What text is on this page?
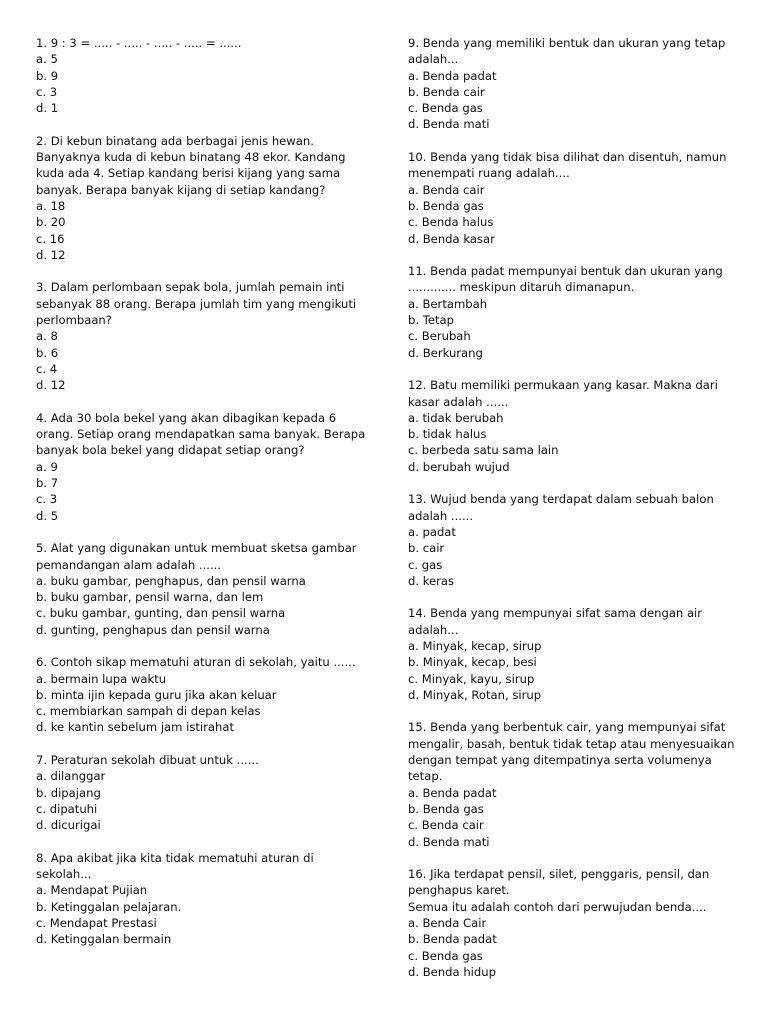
1. 9 : 3 = ..... - ..... - ..... - ..... = ......

a. 5
b. 9
c. 3
d. 1

2. Di kebun binatang ada berbagai jenis hewan. Banyaknya kuda di kebun binatang 48 ekor. Kandang kuda ada 4. Setiap kandang berisi kijang yang sama banyak. Berapa banyak kijang di setiap kandang?

a. 18
b. 20
c. 16
d. 12

3. Dalam perlombaan sepak bola, jumlah pemain inti sebanyak 88 orang. Berapa jumlah tim yang mengikuti perlombaan?

a. 8
b. 6
c. 4
d. 12

4. Ada 30 bola bekel yang akan dibagikan kepada 6 orang. Setiap orang mendapatkan sama banyak. Berapa banyak bola bekel yang didapat setiap orang?

a. 9
b. 7
c. 3
d. 5

5. Alat yang digunakan untuk membuat sketsa gambar pemandangan alam adalah ......

a. buku gambar, penghapus, dan pensil warna
b. buku gambar, pensil warna, dan lem
c. buku gambar, gunting, dan pensil warna
d. gunting, penghapus dan pensil warna

6. Contoh sikap mematuhi aturan di sekolah, yaitu ......

a. bermain lupa waktu
b. minta ijin kepada guru jika akan keluar
c. membiarkan sampah di depan kelas
d. ke kantin sebelum jam istirahat

7. Peraturan sekolah dibuat untuk ......

a. dilanggar
b. dipajang
c. dipatuhi
d. dicurigai

8. Apa akibat jika kita tidak mematuhi aturan di sekolah...

a. Mendapat Pujian
b. Ketinggalan pelajaran.
c. Mendapat Prestasi
d. Ketinggalan bermain

9. Benda yang memiliki bentuk dan ukuran yang tetap adalah...

a. Benda padat
b. Benda cair
c. Benda gas
d. Benda mati

10. Benda yang tidak bisa dilihat dan disentuh, namun menempati ruang adalah....

a. Benda cair
b. Benda gas
c. Benda halus
d. Benda kasar

11. Benda padat mempunyai bentuk dan ukuran yang ............. meskipun ditaruh dimanapun.

a. Bertambah
b. Tetap
c. Berubah
d. Berkurang

12. Batu memiliki permukaan yang kasar. Makna dari kasar adalah ......

a. tidak berubah
b. tidak halus
c. berbeda satu sama lain
d. berubah wujud

13. Wujud benda yang terdapat dalam sebuah balon adalah ......

a. padat
b. cair
c. gas
d. keras

14. Benda yang mempunyai sifat sama dengan air adalah...

a. Minyak, kecap, sirup
b. Minyak, kecap, besi
c. Minyak, kayu, sirup
d. Minyak, Rotan, sirup

15. Benda yang berbentuk cair, yang mempunyai sifat mengalir, basah, bentuk tidak tetap atau menyesuaikan dengan tempat yang ditempatinya serta volumenya tetap.

a. Benda padat
b. Benda gas
c. Benda cair
d. Benda mati

16. Jika terdapat pensil, silet, penggaris, pensil, dan penghapus karet.
Semua itu adalah contoh dari perwujudan benda....

a. Benda Cair
b. Benda padat
c. Benda gas
d. Benda hidup
